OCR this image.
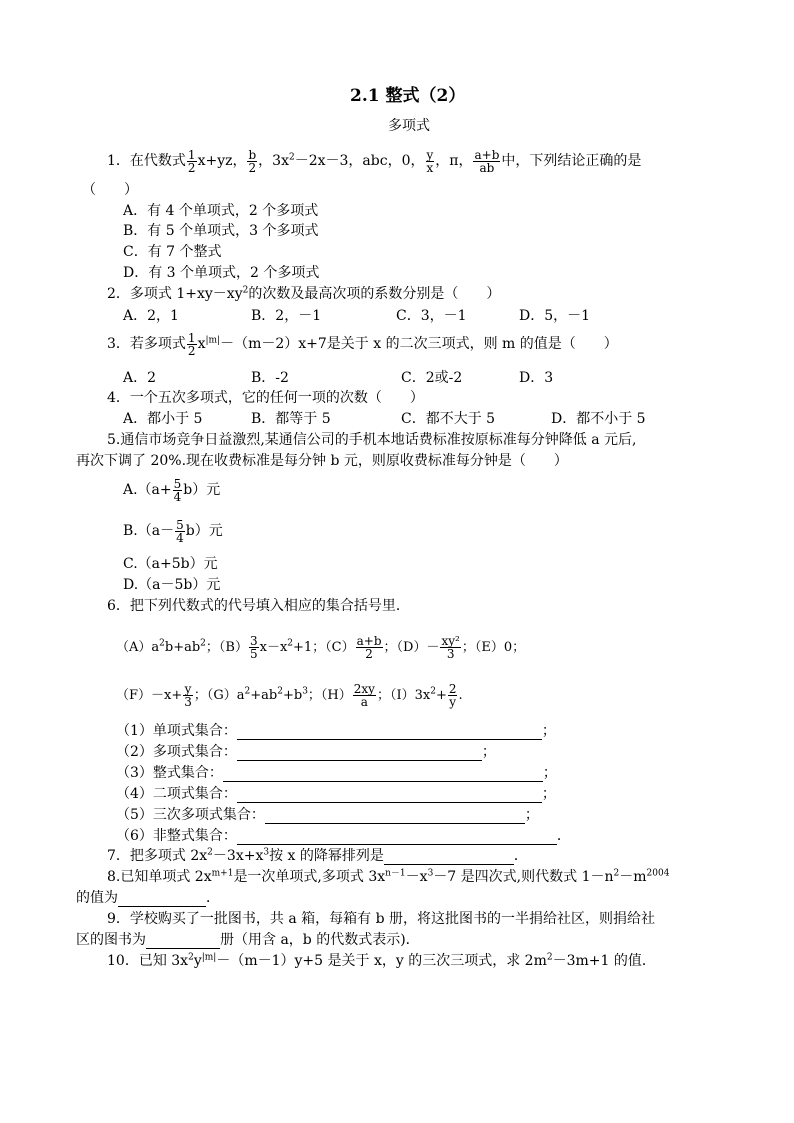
2.1 整式（2）
多项式
1．在代数式 $\frac{1}{2} x+yz$， $\frac{b}{2}$ ，$3x^2-2x-3$，abc，0， $\frac{y}{x}$ ，π， $\frac{a+b}{ab}$ 中，下列结论正确的是
（　　）
A．有 4 个单项式，2 个多项式
B．有 5 个单项式，3 个多项式
C．有 7 个整式
D．有 3 个单项式，2 个多项式
2．多项式 $1+xy-xy^2$的次数及最高次项的系数分别是（　　）
A．2，1	B．2，－1	C．3，－1	D．5，－1
3．若多项式 $\frac{1}{2} x^{|m|}-(m-2)x+7$是关于 x 的二次三项式，则 m 的值是（　　）
A．2	B．-2	C．2或-2	D．3
4．一个五次多项式，它的任何一项的次数（　　）
A．都小于 5	B．都等于 5	C．都不大于 5	D．都不小于 5
5.通信市场竞争日益激烈,某通信公司的手机本地话费标准按原标准每分钟降低 a 元后,
再次下调了 20%.现在收费标准是每分钟 b 元，则原收费标准每分钟是（　　）
$A.(a+ \frac{5}{4} b)$元
$B.(a- \frac{5}{4} b)$元
C.（a+5b）元
D.（a－5b）元
6．把下列代数式的代号填入相应的集合括号里．
$(A)a^2b+ab^2$；$(B) \frac{3}{5} x-x^2+1$；$(C) \frac{a+b}{2}$ ；$(D)- \frac{\text{xy²}}{3}$ ；（E）0；
$(F)-x+ \frac{y}{3}$ ；$(G)a^2+ab^2+b^3$；$(H) \frac{2xy}{a}$ ；$(I)3x^2+ \frac{2}{y}$ .
（1）单项式集合：	；
（2）多项式集合：	；
（3）整式集合：	；
（4）二项式集合：	；
（5）三次多项式集合：	；
（6）非整式集合：	．
7．把多项式 $2x^2-3x+x^3$按 x 的降幂排列是	．
8.已知单项式 $2x^{m+1}$是一次单项式,多项式 $3x^{n-1}-x^3-7$ 是四次式,则代数式 $1-n^2-m^{2004}$
的值为	．
9．学校购买了一批图书，共 a 箱，每箱有 b 册，将这批图书的一半捐给社区，则捐给社
区的图书为	册（用含 a，b 的代数式表示)．
10．已知 $3x^2y^{|m|}-(m-1)y+5$ 是关于 x，y 的三次三项式，求 $2m^2-3m+1$ 的值．
